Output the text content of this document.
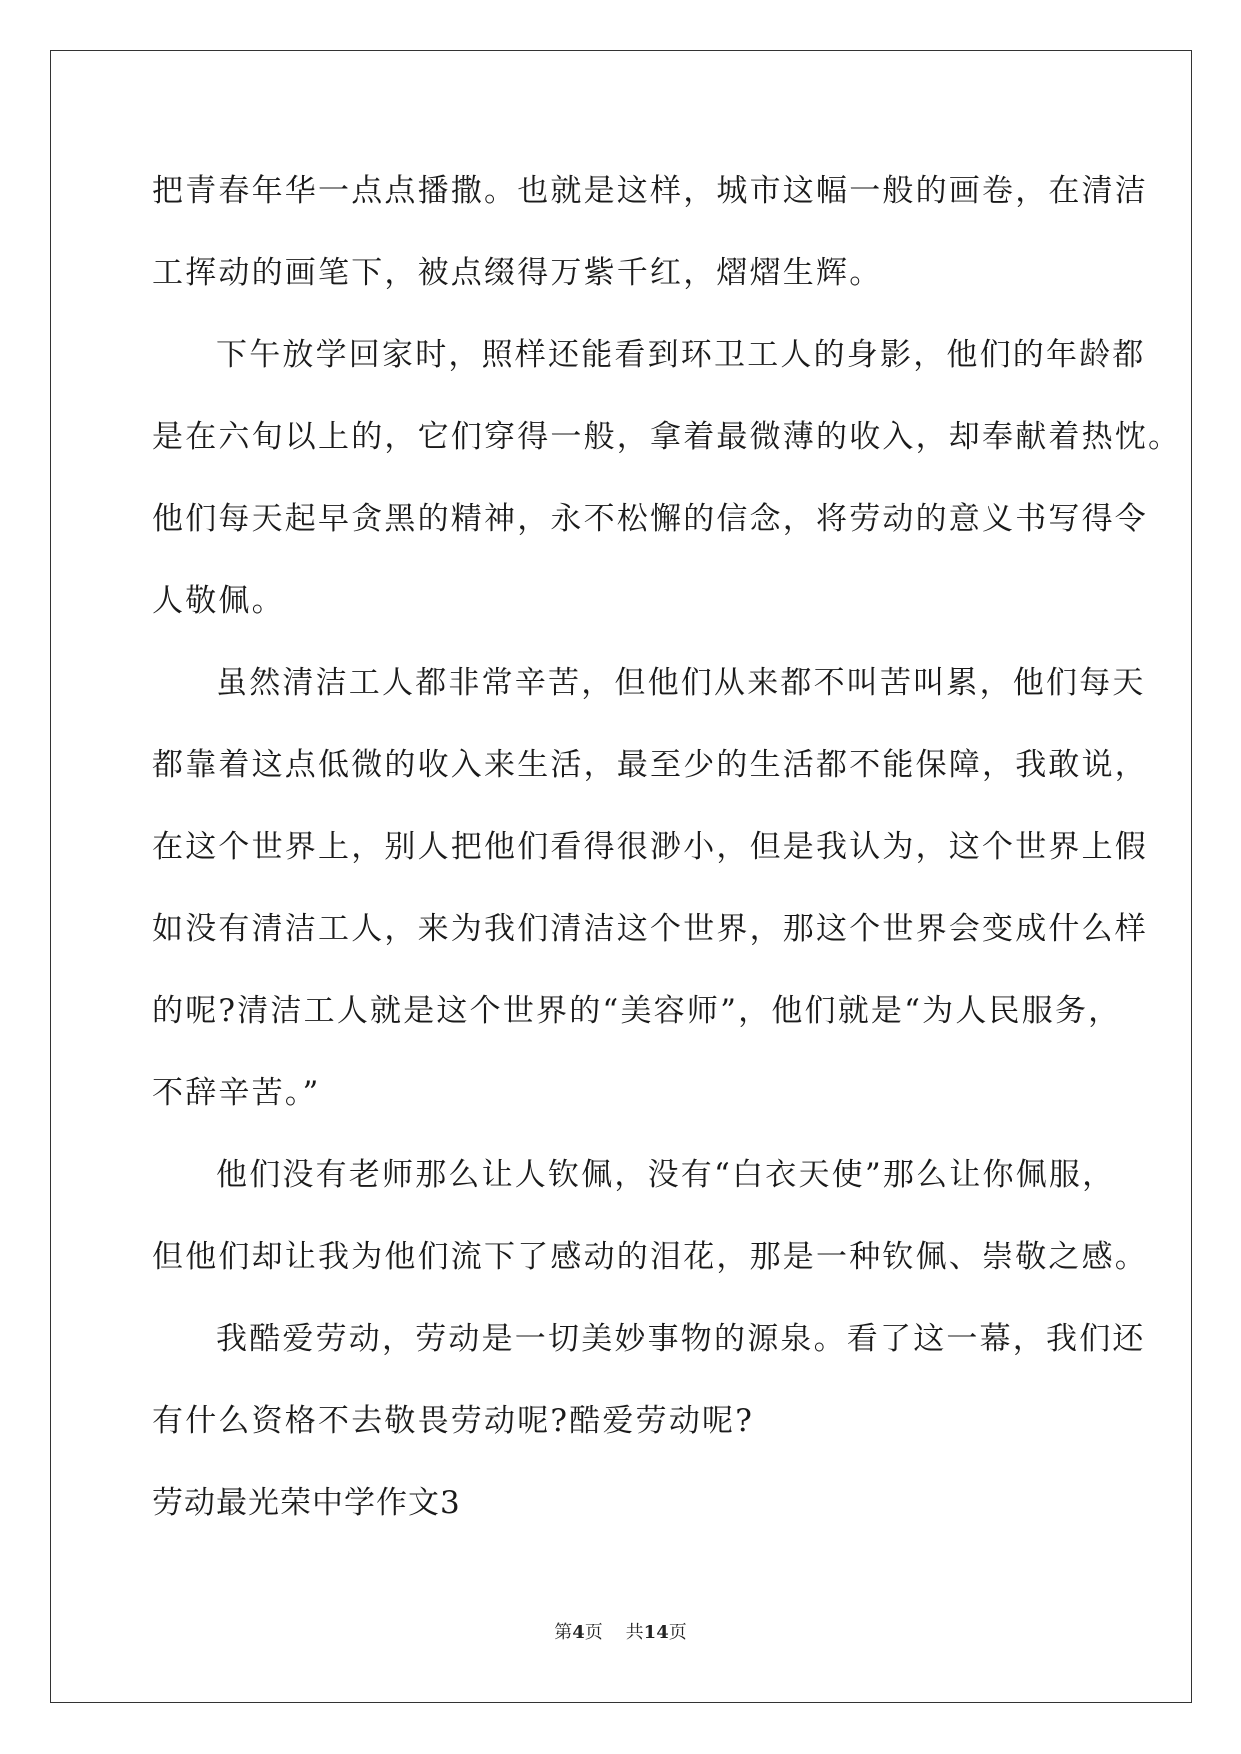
把青春年华一点点播撒。也就是这样，城市这幅一般的画卷，在清洁
工挥动的画笔下，被点缀得万紫千红，熠熠生辉。
下午放学回家时，照样还能看到环卫工人的身影，他们的年龄都
是在六旬以上的，它们穿得一般，拿着最微薄的收入，却奉献着热忱。
他们每天起早贪黑的精神，永不松懈的信念，将劳动的意义书写得令
人敬佩。
虽然清洁工人都非常辛苦，但他们从来都不叫苦叫累，他们每天
都靠着这点低微的收入来生活，最至少的生活都不能保障，我敢说，
在这个世界上，别人把他们看得很渺小，但是我认为，这个世界上假
如没有清洁工人，来为我们清洁这个世界，那这个世界会变成什么样
的呢?清洁工人就是这个世界的“美容师”，他们就是“为人民服务，
不辞辛苦。”
他们没有老师那么让人钦佩，没有“白衣天使”那么让你佩服，
但他们却让我为他们流下了感动的泪花，那是一种钦佩、崇敬之感。
我酷爱劳动，劳动是一切美妙事物的源泉。看了这一幕，我们还
有什么资格不去敬畏劳动呢?酷爱劳动呢?
劳动最光荣中学作文3
第4页 共14页
